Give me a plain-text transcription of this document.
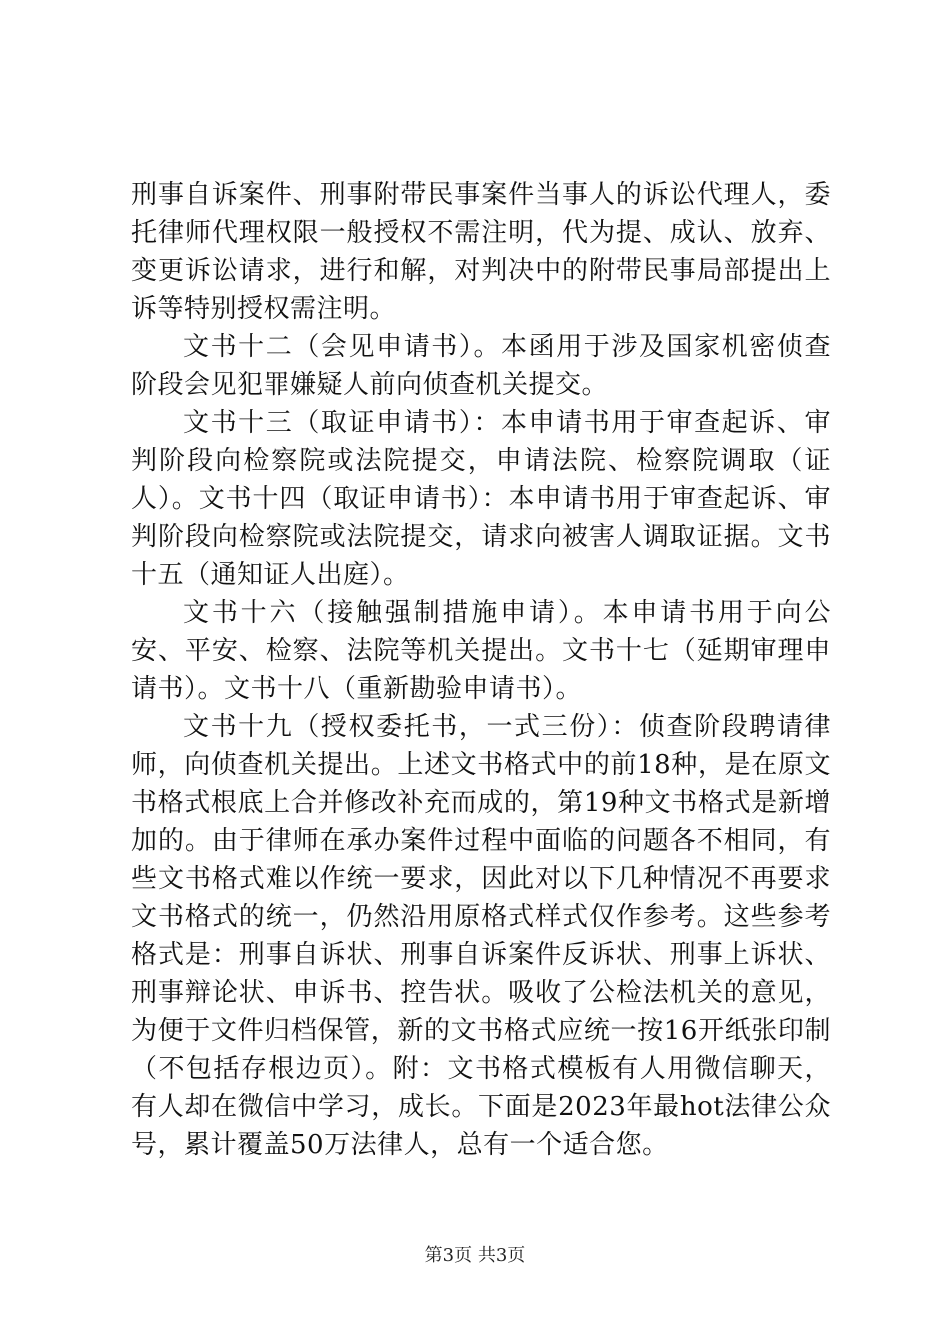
刑事自诉案件、刑事附带民事案件当事人的诉讼代理人，委托律师代理权限一般授权不需注明，代为提、成认、放弃、变更诉讼请求，进行和解，对判决中的附带民事局部提出上诉等特别授权需注明。

文书十二（会见申请书）。本函用于涉及国家机密侦查阶段会见犯罪嫌疑人前向侦查机关提交。

文书十三（取证申请书）：本申请书用于审查起诉、审判阶段向检察院或法院提交，申请法院、检察院调取（证人）。文书十四（取证申请书）：本申请书用于审查起诉、审判阶段向检察院或法院提交，请求向被害人调取证据。文书十五（通知证人出庭）。

文书十六（接触强制措施申请）。本申请书用于向公安、平安、检察、法院等机关提出。文书十七（延期审理申请书）。文书十八（重新勘验申请书）。

文书十九（授权委托书，一式三份）：侦查阶段聘请律师，向侦查机关提出。上述文书格式中的前18种，是在原文书格式根底上合并修改补充而成的，第19种文书格式是新增加的。由于律师在承办案件过程中面临的问题各不相同，有些文书格式难以作统一要求，因此对以下几种情况不再要求文书格式的统一，仍然沿用原格式样式仅作参考。这些参考格式是：刑事自诉状、刑事自诉案件反诉状、刑事上诉状、刑事辩论状、申诉书、控告状。吸收了公检法机关的意见，为便于文件归档保管，新的文书格式应统一按16开纸张印制（不包括存根边页）。附：文书格式模板有人用微信聊天，有人却在微信中学习，成长。下面是2023年最hot法律公众号，累计覆盖50万法律人，总有一个适合您。

第3页 共3页
